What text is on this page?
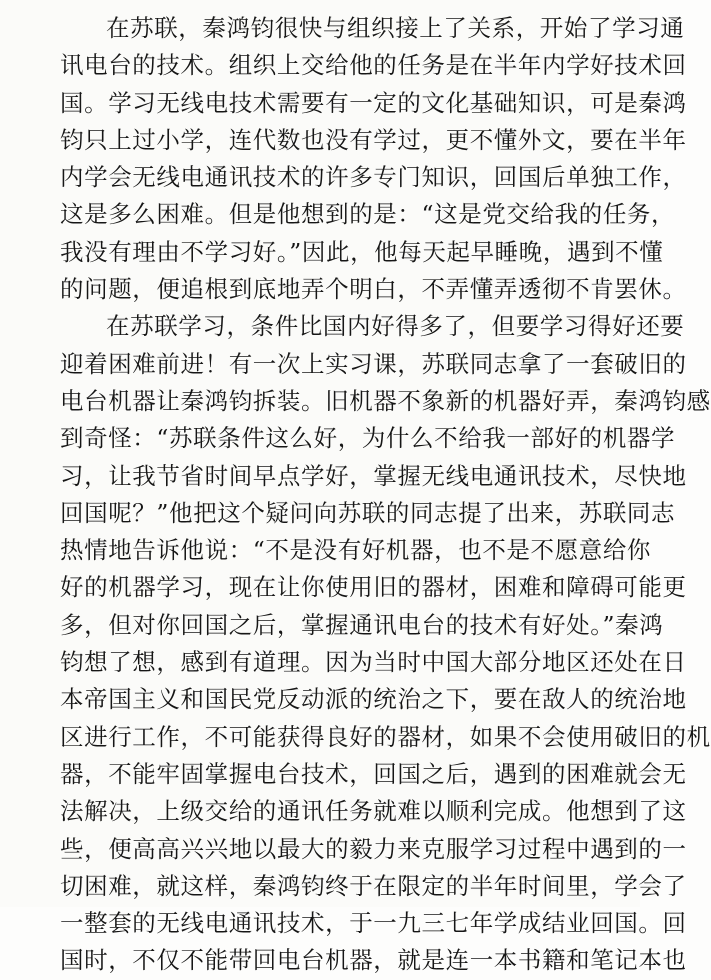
在苏联，秦鸿钧很快与组织接上了关系，开始了学习通
讯电台的技术。组织上交给他的任务是在半年内学好技术回
国。学习无线电技术需要有一定的文化基础知识，可是秦鸿
钧只上过小学，连代数也没有学过，更不懂外文，要在半年
内学会无线电通讯技术的许多专门知识，回国后单独工作，
这是多么困难。但是他想到的是：“这是党交给我的任务，
我没有理由不学习好。”因此，他每天起早睡晚，遇到不懂
的问题，便追根到底地弄个明白，不弄懂弄透彻不肯罢休。
在苏联学习，条件比国内好得多了，但要学习得好还要
迎着困难前进！有一次上实习课，苏联同志拿了一套破旧的
电台机器让秦鸿钧拆装。旧机器不象新的机器好弄，秦鸿钧感
到奇怪：“苏联条件这么好，为什么不给我一部好的机器学
习，让我节省时间早点学好，掌握无线电通讯技术，尽快地
回国呢？”他把这个疑问向苏联的同志提了出来，苏联同志
热情地告诉他说：“不是没有好机器，也不是不愿意给你
好的机器学习，现在让你使用旧的器材，困难和障碍可能更
多，但对你回国之后，掌握通讯电台的技术有好处。”秦鸿
钧想了想，感到有道理。因为当时中国大部分地区还处在日
本帝国主义和国民党反动派的统治之下，要在敌人的统治地
区进行工作，不可能获得良好的器材，如果不会使用破旧的机
器，不能牢固掌握电台技术，回国之后，遇到的困难就会无
法解决，上级交给的通讯任务就难以顺利完成。他想到了这
些，便高高兴兴地以最大的毅力来克服学习过程中遇到的一
切困难，就这样，秦鸿钧终于在限定的半年时间里，学会了
一整套的无线电通讯技术，于一九三七年学成结业回国。回
国时，不仅不能带回电台机器，就是连一本书籍和笔记本也
